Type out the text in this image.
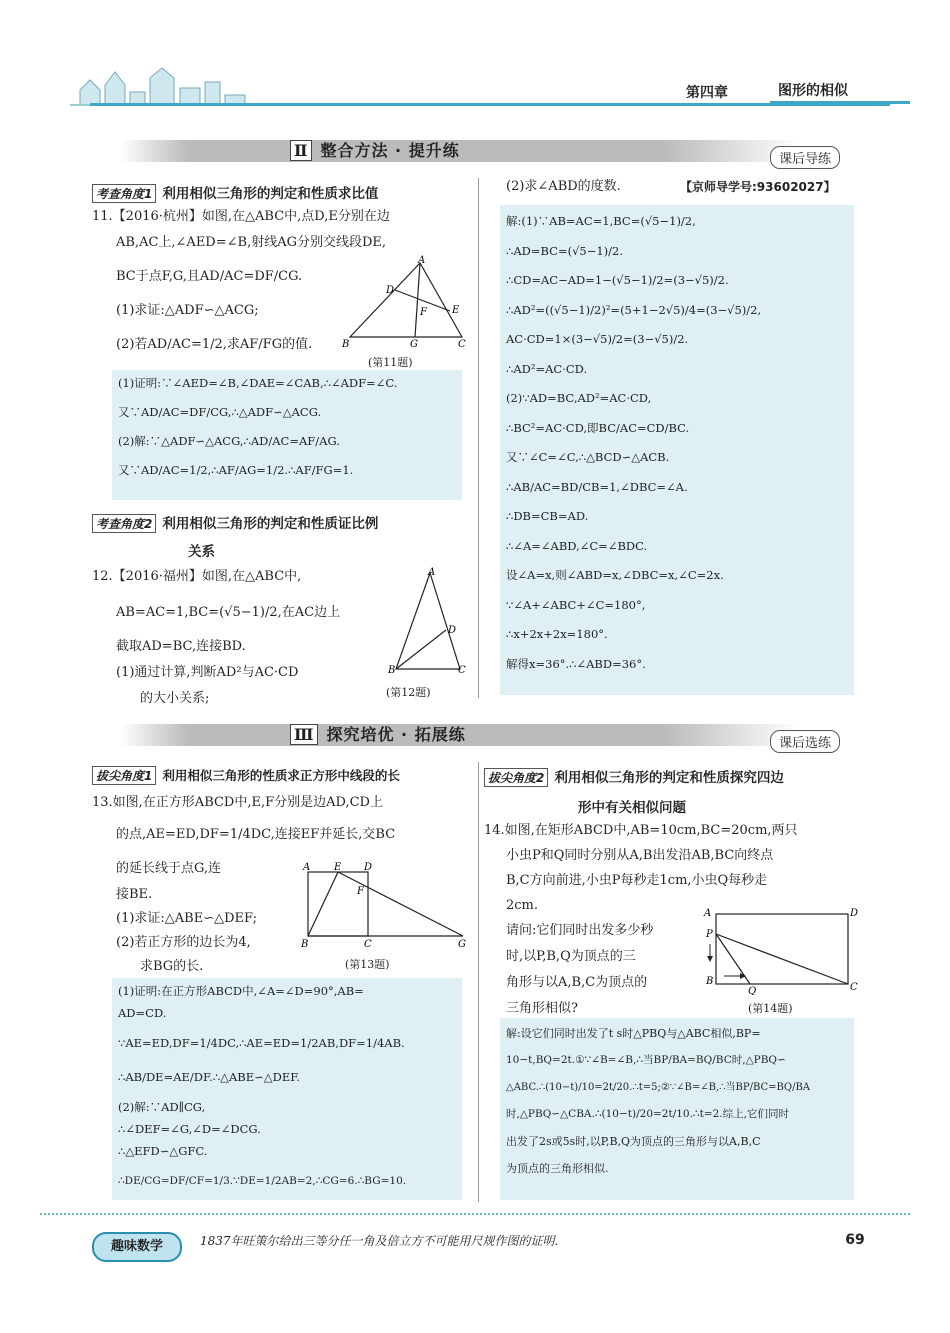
第四章	图形的相似
Ⅱ 整合方法 · 提升练	课后导练
考查角度1 利用相似三角形的判定和性质求比值
11.【2016·杭州】如图,在△ABC中,点D,E分别在边
AB,AC上,∠AED=∠B,射线AG分别交线段DE,
BC于点F,G,且AD/AC=DF/CG.
(1)求证:△ADF∽△ACG;
(2)若AD/AC=1/2,求AF/FG的值.
A
D
E
F
B	G	C
(第11题)
(1)证明:∵∠AED=∠B,∠DAE=∠CAB,∴∠ADF=∠C.
又∵AD/AC=DF/CG,∴△ADF∽△ACG.
(2)解:∵△ADF∽△ACG,∴AD/AC=AF/AG.
又∵AD/AC=1/2,∴AF/AG=1/2.∴AF/FG=1.
考查角度2 利用相似三角形的判定和性质证比例
关系
12.【2016·福州】如图,在△ABC中,
AB=AC=1,BC=(√5−1)/2,在AC边上
截取AD=BC,连接BD.
(1)通过计算,判断AD²与AC·CD
的大小关系;
A
D
B	C
(第12题)
(2)求∠ABD的度数.	【京师导学号:93602027】
解:(1)∵AB=AC=1,BC=(√5−1)/2,
∴AD=BC=(√5−1)/2.
∴CD=AC−AD=1−(√5−1)/2=(3−√5)/2.
∴AD²=((√5−1)/2)²=(5+1−2√5)/4=(3−√5)/2,
AC·CD=1×(3−√5)/2=(3−√5)/2.
∴AD²=AC·CD.
(2)∵AD=BC,AD²=AC·CD,
∴BC²=AC·CD,即BC/AC=CD/BC.
又∵∠C=∠C,∴△BCD∽△ACB.
∴AB/AC=BD/CB=1,∠DBC=∠A.
∴DB=CB=AD.
∴∠A=∠ABD,∠C=∠BDC.
设∠A=x,则∠ABD=x,∠DBC=x,∠C=2x.
∵∠A+∠ABC+∠C=180°,
∴x+2x+2x=180°.
解得x=36°.∴∠ABD=36°.
Ⅲ 探究培优 · 拓展练	课后选练
拔尖角度1 利用相似三角形的性质求正方形中线段的长
13.如图,在正方形ABCD中,E,F分别是边AD,CD上
的点,AE=ED,DF=1/4DC,连接EF并延长,交BC
的延长线于点G,连
接BE.
(1)求证:△ABE∽△DEF;
(2)若正方形的边长为4,
求BG的长.
A E D
F
B	C	G
(第13题)
(1)证明:在正方形ABCD中,∠A=∠D=90°,AB=
AD=CD.
∵AE=ED,DF=1/4DC,∴AE=ED=1/2AB,DF=1/4AB.
∴AB/DE=AE/DF.∴△ABE∽△DEF.
(2)解:∵AD∥CG,
∴∠DEF=∠G,∠D=∠DCG.
∴△EFD∽△GFC.
∴DE/CG=DF/CF=1/3.∵DE=1/2AB=2,∴CG=6.∴BG=10.
拔尖角度2 利用相似三角形的判定和性质探究四边
形中有关相似问题
14.如图,在矩形ABCD中,AB=10cm,BC=20cm,两只
小虫P和Q同时分别从A,B出发沿AB,BC向终点
B,C方向前进,小虫P每秒走1cm,小虫Q每秒走
2cm.
请问:它们同时出发多少秒
时,以P,B,Q为顶点的三
角形与以A,B,C为顶点的
三角形相似?
A	D
P
B
Q	C
(第14题)
解:设它们同时出发了t s时△PBQ与△ABC相似,BP=
10−t,BQ=2t.①∵∠B=∠B,∴当BP/BA=BQ/BC时,△PBQ∽
△ABC.∴(10−t)/10=2t/20.∴t=5;②∵∠B=∠B,∴当BP/BC=BQ/BA
时,△PBQ∽△CBA.∴(10−t)/20=2t/10.∴t=2.综上,它们同时
出发了2s或5s时,以P,B,Q为顶点的三角形与以A,B,C
为顶点的三角形相似.
趣味数学	1837年旺策尔给出三等分任一角及倍立方不可能用尺规作图的证明.	69
